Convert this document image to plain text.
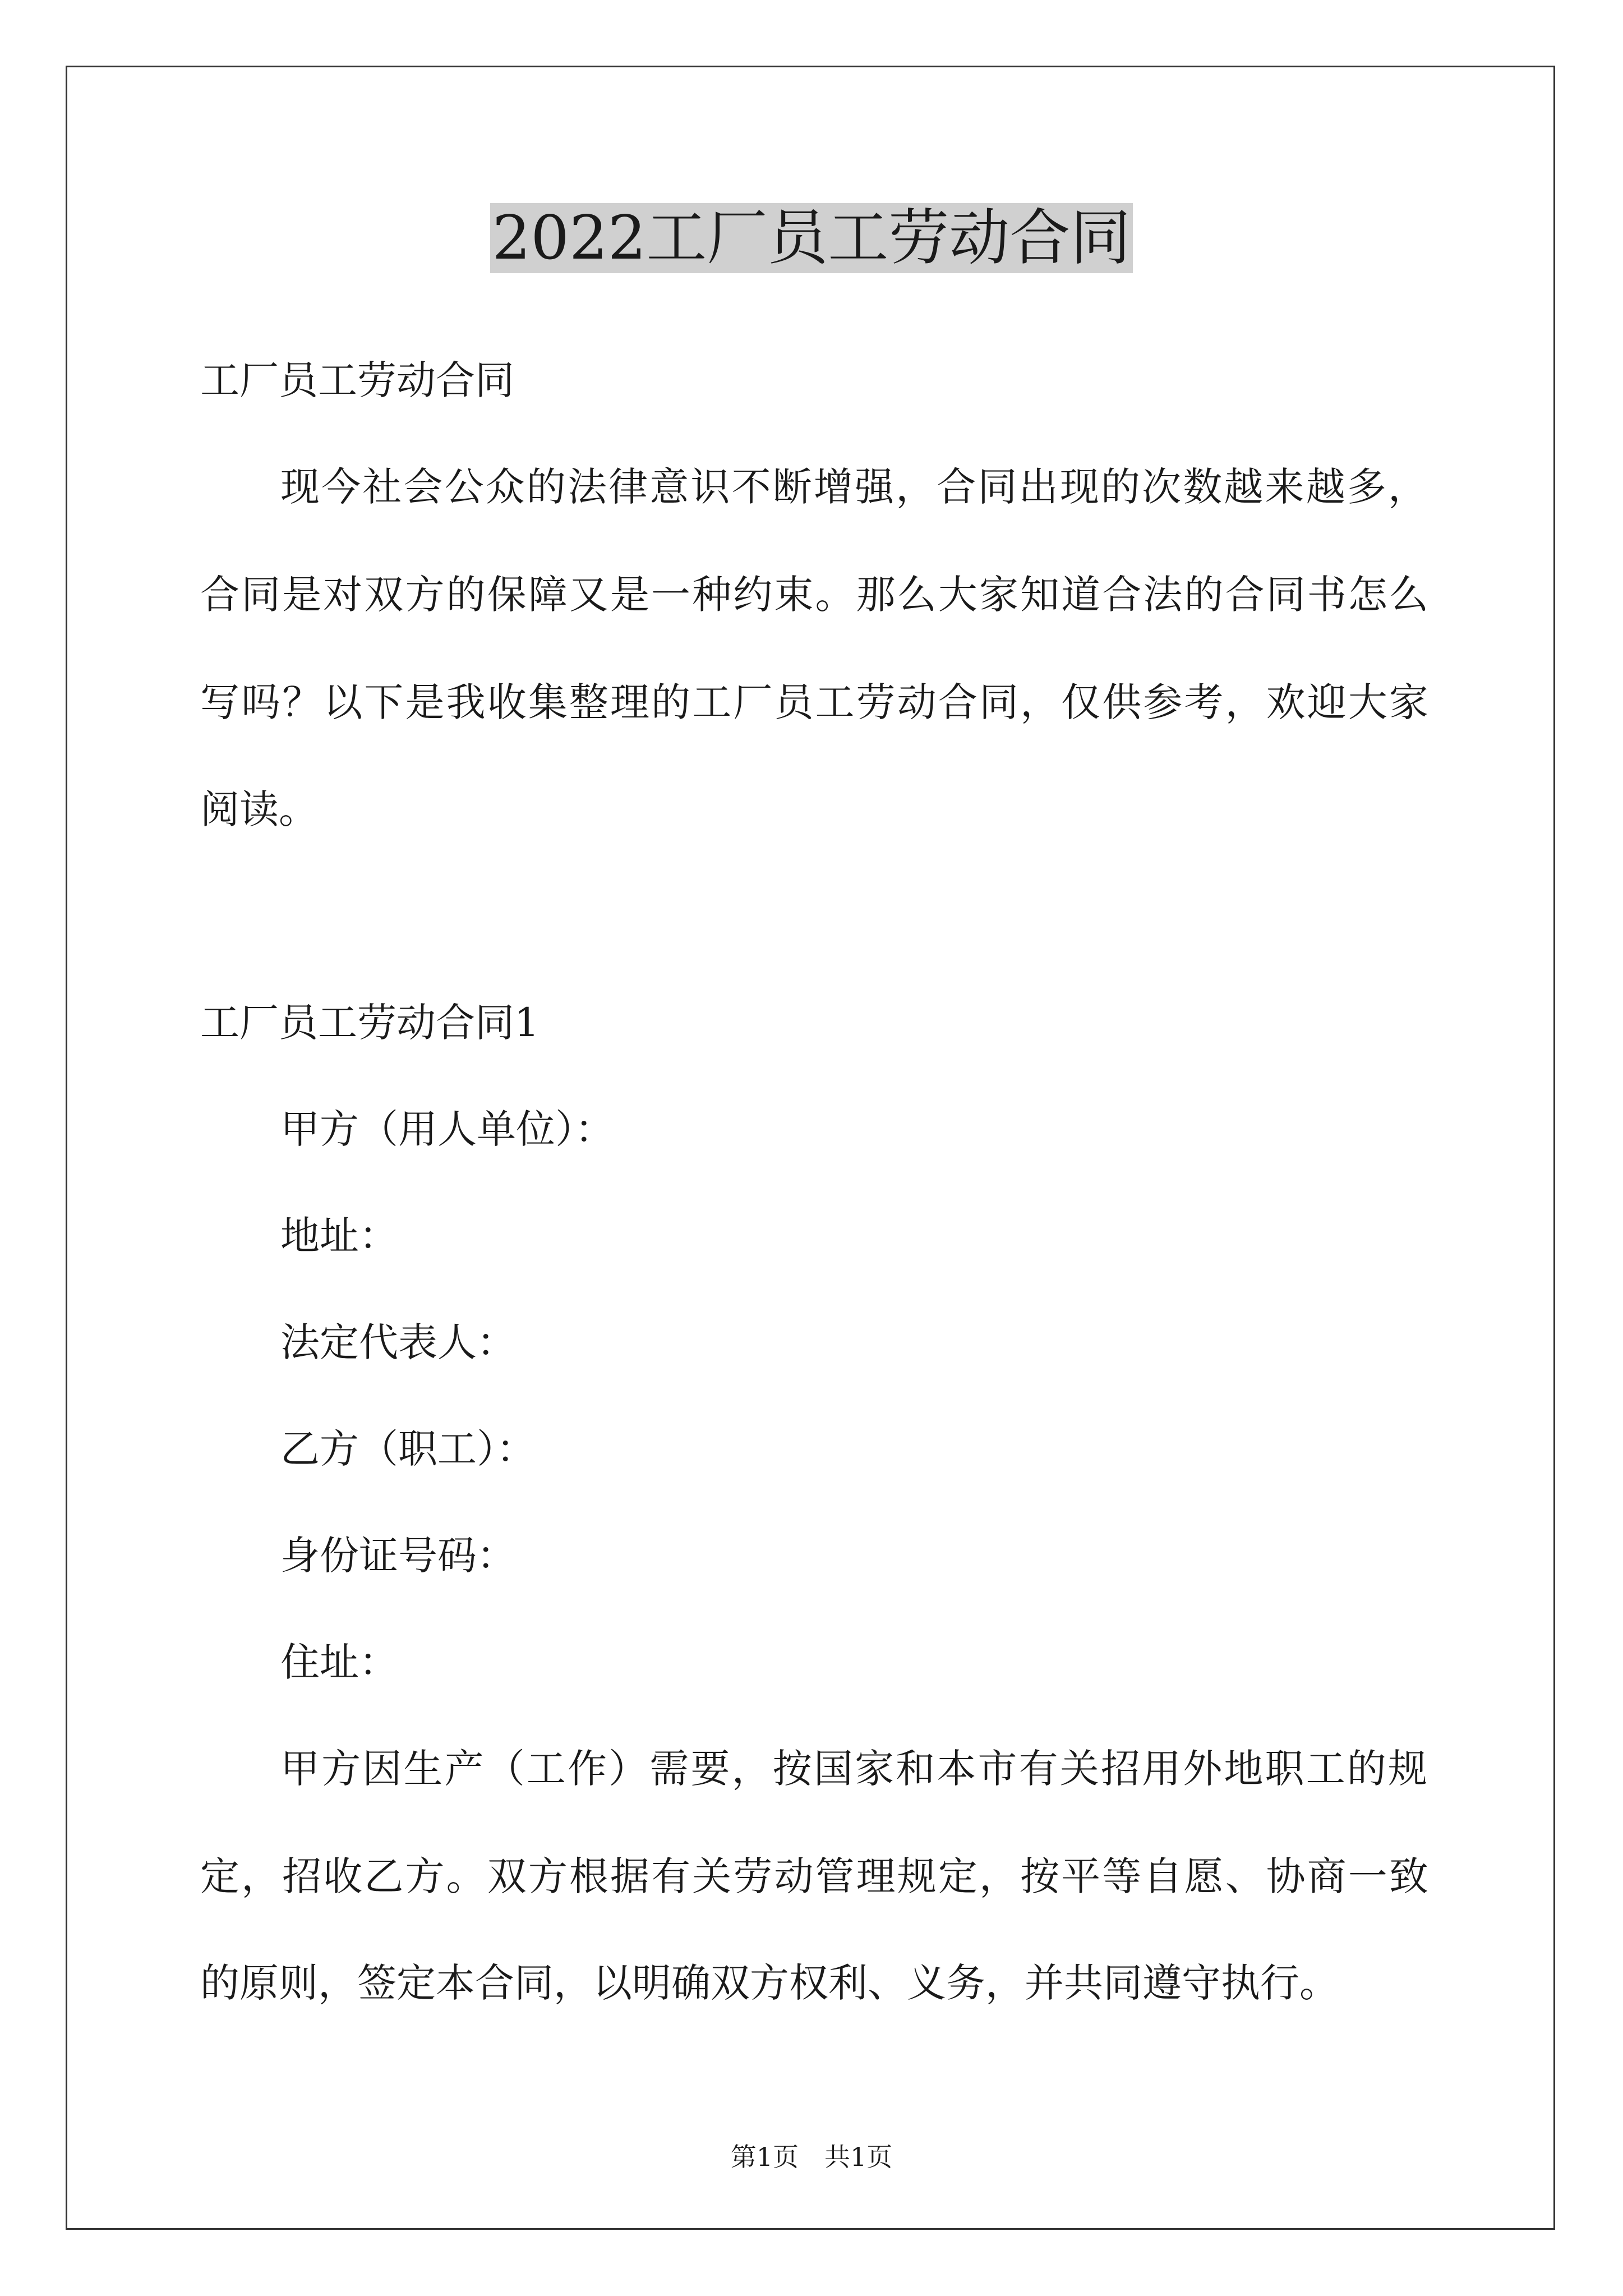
2022工厂员工劳动合同

工厂员工劳动合同

现今社会公众的法律意识不断增强，合同出现的次数越来越多，

合同是对双方的保障又是一种约束。那么大家知道合法的合同书怎么

写吗？以下是我收集整理的工厂员工劳动合同，仅供参考，欢迎大家

阅读。

工厂员工劳动合同1

甲方（用人单位）：

地址：

法定代表人：

乙方（职工）：

身份证号码：

住址：

甲方因生产（工作）需要，按国家和本市有关招用外地职工的规

定，招收乙方。双方根据有关劳动管理规定，按平等自愿、协商一致

的原则，签定本合同，以明确双方权利、义务，并共同遵守执行。

第1页　共1页
